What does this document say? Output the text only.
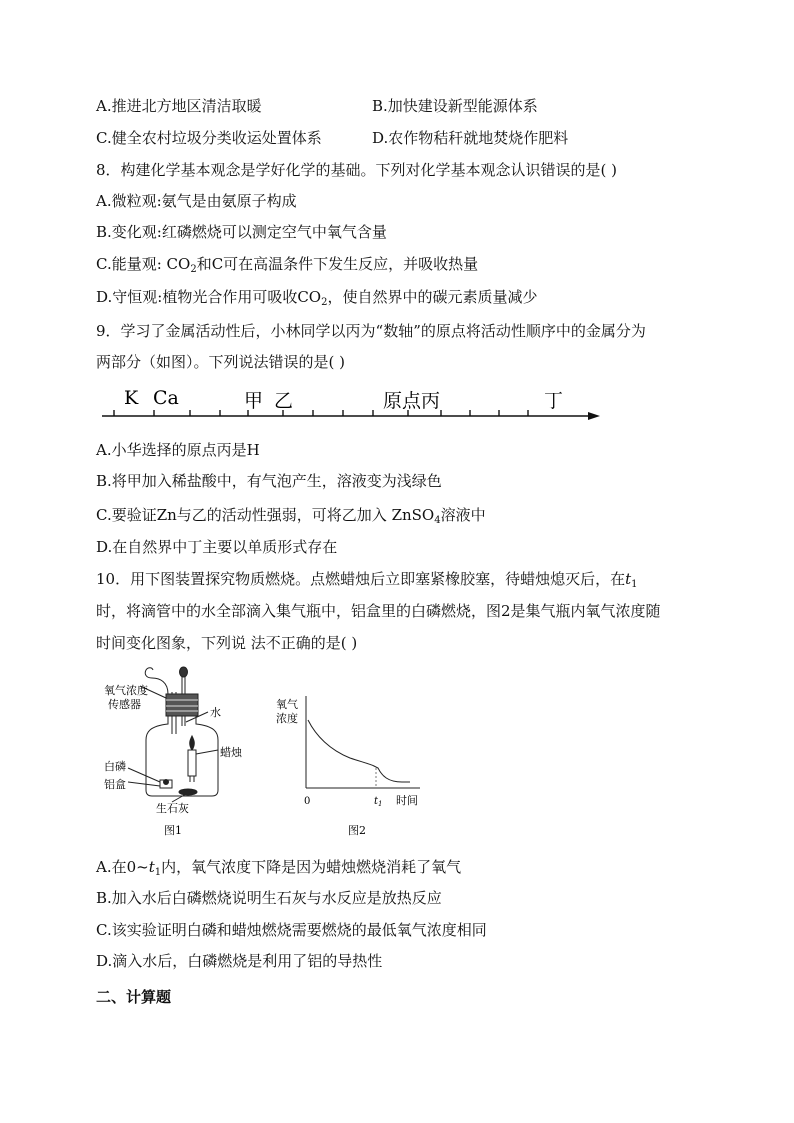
A.推进北方地区清洁取暖	B.加快建设新型能源体系
C.健全农村垃圾分类收运处置体系	D.农作物秸秆就地焚烧作肥料
8．构建化学基本观念是学好化学的基础。下列对化学基本观念认识错误的是( )
A.微粒观:氨气是由氨原子构成
B.变化观:红磷燃烧可以测定空气中氧气含量
C.能量观: $CO_2$和C可在高温条件下发生反应，并吸收热量
D.守恒观:植物光合作用可吸收$CO_2$，使自然界中的碳元素质量减少
9．学习了金属活动性后，小林同学以丙为“数轴”的原点将活动性顺序中的金属分为
两部分（如图）。下列说法错误的是( )
K Ca	甲 乙	原点丙	丁
A.小华选择的原点丙是H
B.将甲加入稀盐酸中，有气泡产生，溶液变为浅绿色
C.要验证Zn与乙的活动性强弱，可将乙加入 ZnSO$_4$溶液中
D.在自然界中丁主要以单质形式存在
10．用下图装置探究物质燃烧。点燃蜡烛后立即塞紧橡胶塞，待蜡烛熄灭后，在$t_1$
时，将滴管中的水全部滴入集气瓶中，铝盒里的白磷燃烧，图2是集气瓶内氧气浓度随
时间变化图象，下列说 法不正确的是( )
氧气浓度
传感器
水
蜡烛
白磷
铝盒
生石灰
图1
氧气
浓度
0	$t_1$ 时间
图2
A.在$0\sim t_1$内，氧气浓度下降是因为蜡烛燃烧消耗了氧气
B.加入水后白磷燃烧说明生石灰与水反应是放热反应
C.该实验证明白磷和蜡烛燃烧需要燃烧的最低氧气浓度相同
D.滴入水后，白磷燃烧是利用了铝的导热性
二、计算题
